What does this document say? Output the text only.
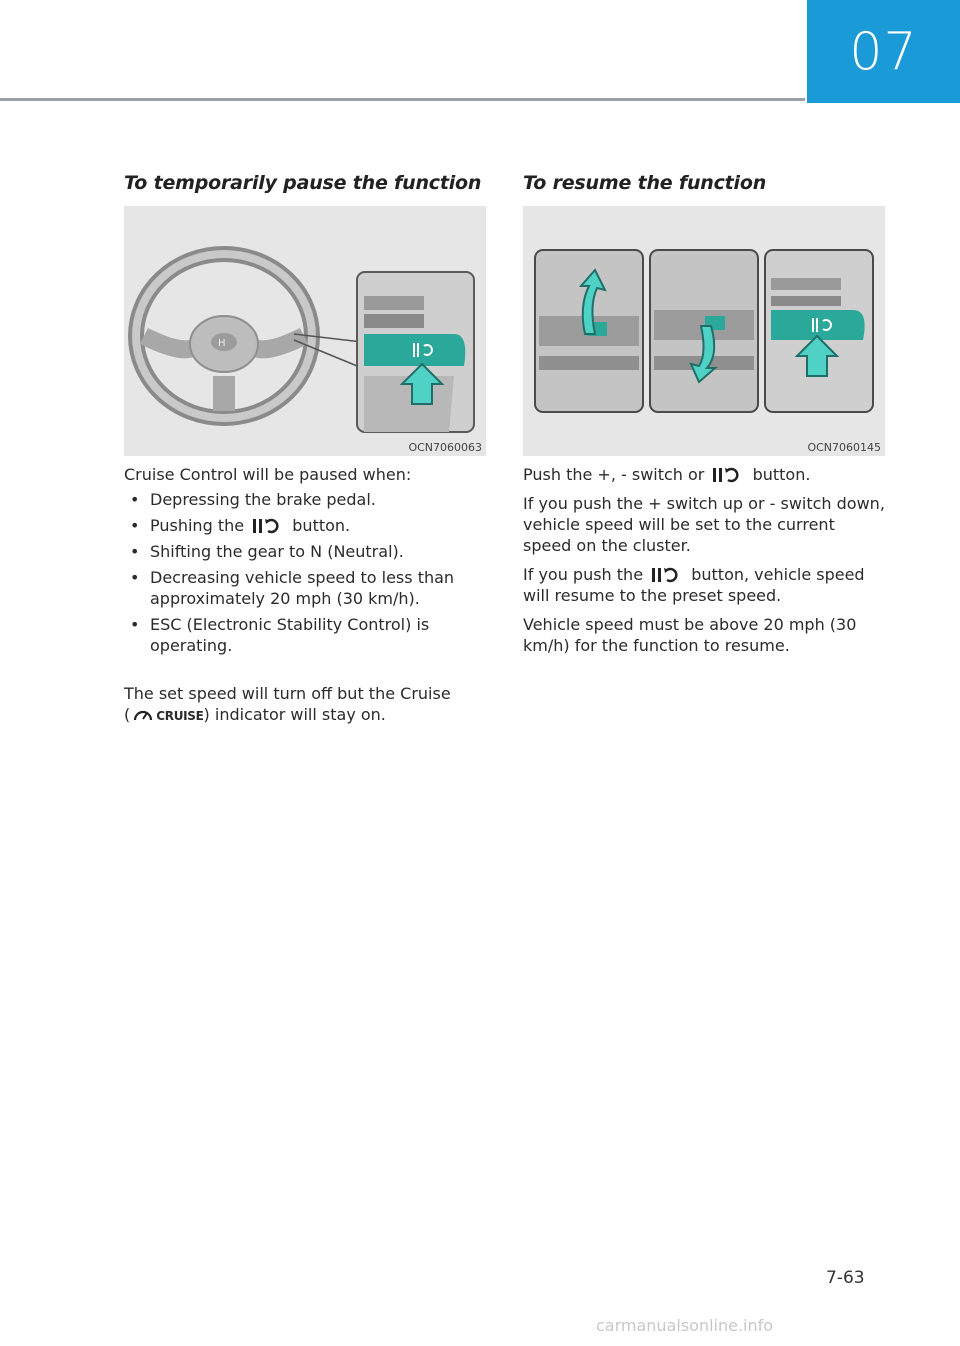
07
To temporarily pause the function
H
OCN7060063

Cruise Control will be paused when:

• Depressing the brake pedal.
• Pushing the	button.
• Shifting the gear to N (Neutral).
• Decreasing vehicle speed to less than approximately 20 mph (30 km/h).
• ESC (Electronic Stability Control) is operating.

The set speed will turn off but the Cruise
( CRUISE) indicator will stay on.

To resume the function
OCN7060145

Push the +, - switch or	button.

If you push the + switch up or - switch down, vehicle speed will be set to the current speed on the cluster.

If you push the	button, vehicle speed will resume to the preset speed.

Vehicle speed must be above 20 mph (30 km/h) for the function to resume.

7-63
carmanualsonline.info
